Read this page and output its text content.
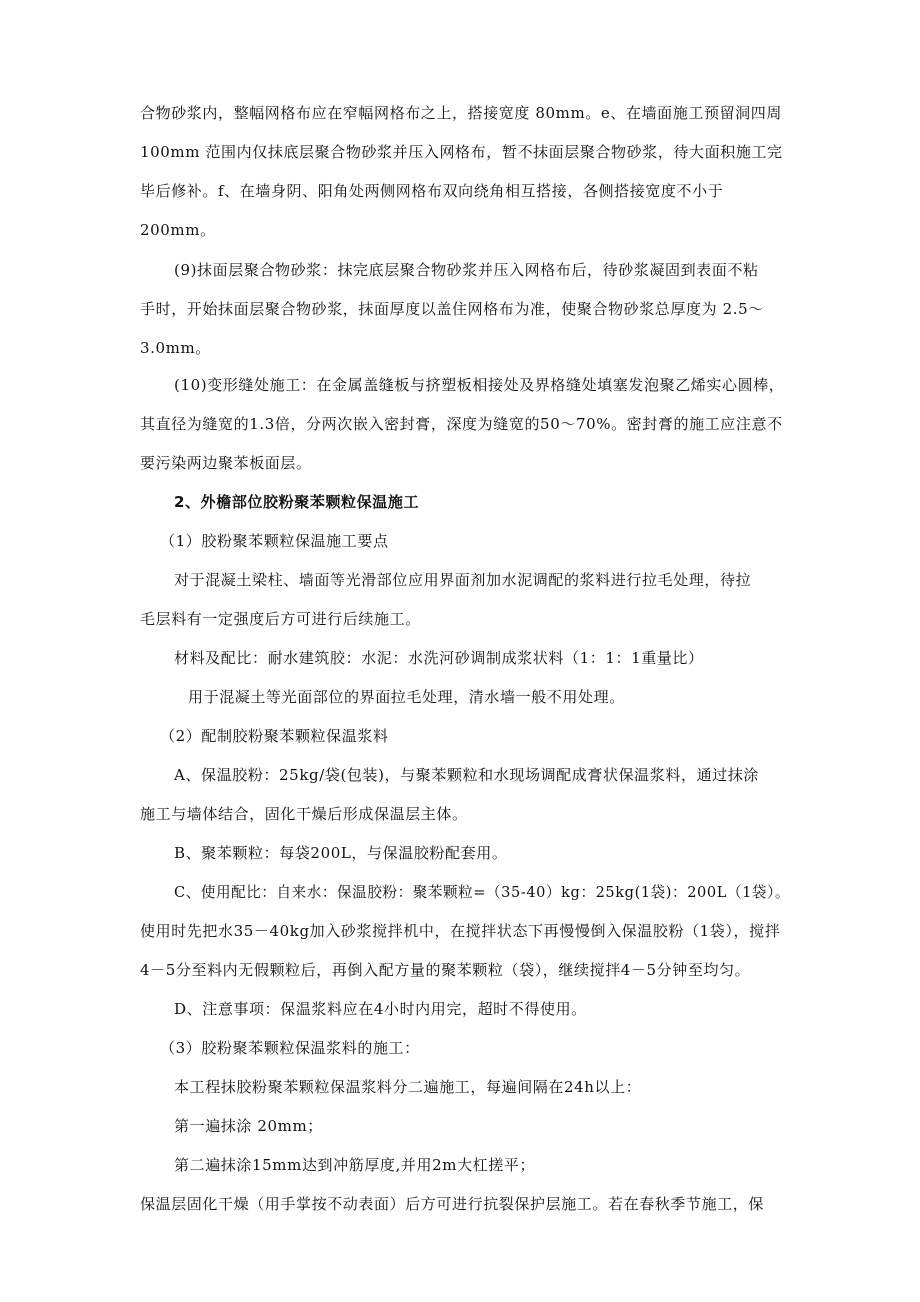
合物砂浆内，整幅网格布应在窄幅网格布之上，搭接宽度 80mm。e、在墙面施工预留洞四周
100mm 范围内仅抹底层聚合物砂浆并压入网格布，暂不抹面层聚合物砂浆，待大面积施工完
毕后修补。f、在墙身阴、阳角处两侧网格布双向绕角相互搭接，各侧搭接宽度不小于
200mm。
(9)抹面层聚合物砂浆：抹完底层聚合物砂浆并压入网格布后，待砂浆凝固到表面不粘
手时，开始抹面层聚合物砂浆，抹面厚度以盖住网格布为准，使聚合物砂浆总厚度为 2.5～
3.0mm。
(10)变形缝处施工：在金属盖缝板与挤塑板相接处及界格缝处填塞发泡聚乙烯实心圆棒，
其直径为缝宽的1.3倍，分两次嵌入密封膏，深度为缝宽的50～70%。密封膏的施工应注意不
要污染两边聚苯板面层。
2、外檐部位胶粉聚苯颗粒保温施工
（1）胶粉聚苯颗粒保温施工要点
对于混凝土梁柱、墙面等光滑部位应用界面剂加水泥调配的浆料进行拉毛处理，待拉
毛层料有一定强度后方可进行后续施工。
材料及配比：耐水建筑胶：水泥：水洗河砂调制成浆状料（1：1：1重量比）
用于混凝土等光面部位的界面拉毛处理，清水墙一般不用处理。
（2）配制胶粉聚苯颗粒保温浆料
A、保温胶粉：25kg/袋(包装)，与聚苯颗粒和水现场调配成膏状保温浆料，通过抹涂
施工与墙体结合，固化干燥后形成保温层主体。
B、聚苯颗粒：每袋200L，与保温胶粉配套用。
C、使用配比：自来水：保温胶粉：聚苯颗粒=（35-40）kg：25kg(1袋)：200L（1袋）。
使用时先把水35－40kg加入砂浆搅拌机中，在搅拌状态下再慢慢倒入保温胶粉（1袋），搅拌
4－5分至料内无假颗粒后，再倒入配方量的聚苯颗粒（袋），继续搅拌4－5分钟至均匀。
D、注意事项：保温浆料应在4小时内用完，超时不得使用。
（3）胶粉聚苯颗粒保温浆料的施工：
本工程抹胶粉聚苯颗粒保温浆料分二遍施工，每遍间隔在24h以上：
第一遍抹涂 20mm；
第二遍抹涂15mm达到冲筋厚度,并用2m大杠搓平；
保温层固化干燥（用手掌按不动表面）后方可进行抗裂保护层施工。若在春秋季节施工，保
